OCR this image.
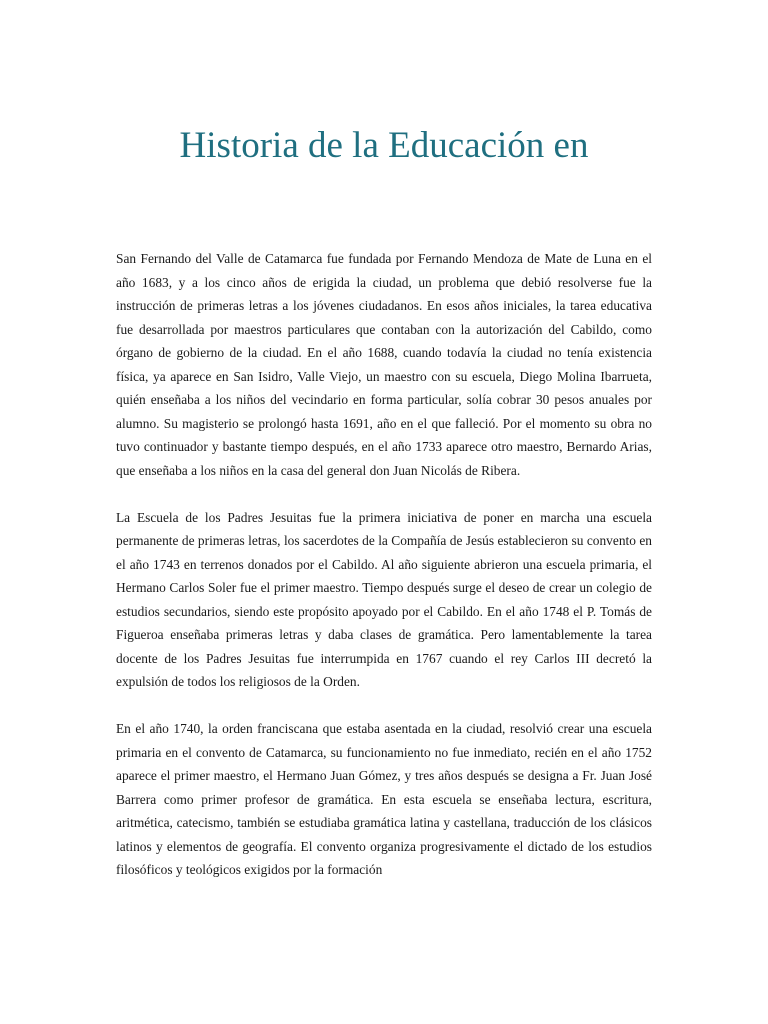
Historia de la Educación en

San Fernando del Valle de Catamarca fue fundada por Fernando Mendoza de Mate de Luna en el año 1683, y a los cinco años de erigida la ciudad, un problema que debió resolverse fue la instrucción de primeras letras a los jóvenes ciudadanos. En esos años iniciales, la tarea educativa fue desarrollada por maestros particulares que contaban con la autorización del Cabildo, como órgano de gobierno de la ciudad. En el año 1688, cuando todavía la ciudad no tenía existencia física, ya aparece en San Isidro, Valle Viejo, un maestro con su escuela, Diego Molina Ibarrueta, quién enseñaba a los niños del vecindario en forma particular, solía cobrar 30 pesos anuales por alumno. Su magisterio se prolongó hasta 1691, año en el que falleció. Por el momento su obra no tuvo continuador y bastante tiempo después, en el año 1733 aparece otro maestro, Bernardo Arias, que enseñaba a los niños en la casa del general don Juan Nicolás de Ribera.

La Escuela de los Padres Jesuitas fue la primera iniciativa de poner en marcha una escuela permanente de primeras letras, los sacerdotes de la Compañía de Jesús establecieron su convento en el año 1743 en terrenos donados por el Cabildo. Al año siguiente abrieron una escuela primaria, el Hermano Carlos Soler fue el primer maestro. Tiempo después surge el deseo de crear un colegio de estudios secundarios, siendo este propósito apoyado por el Cabildo. En el año 1748 el P. Tomás de Figueroa enseñaba primeras letras y daba clases de gramática. Pero lamentablemente la tarea docente de los Padres Jesuitas fue interrumpida en 1767 cuando el rey Carlos III decretó la expulsión de todos los religiosos de la Orden.

En el año 1740, la orden franciscana que estaba asentada en la ciudad, resolvió crear una escuela primaria en el convento de Catamarca, su funcionamiento no fue inmediato, recién en el año 1752 aparece el primer maestro, el Hermano Juan Gómez, y tres años después se designa a Fr. Juan José Barrera como primer profesor de gramática. En esta escuela se enseñaba lectura, escritura, aritmética, catecismo, también se estudiaba gramática latina y castellana, traducción de los clásicos latinos y elementos de geografía. El convento organiza progresivamente el dictado de los estudios filosóficos y teológicos exigidos por la formación
